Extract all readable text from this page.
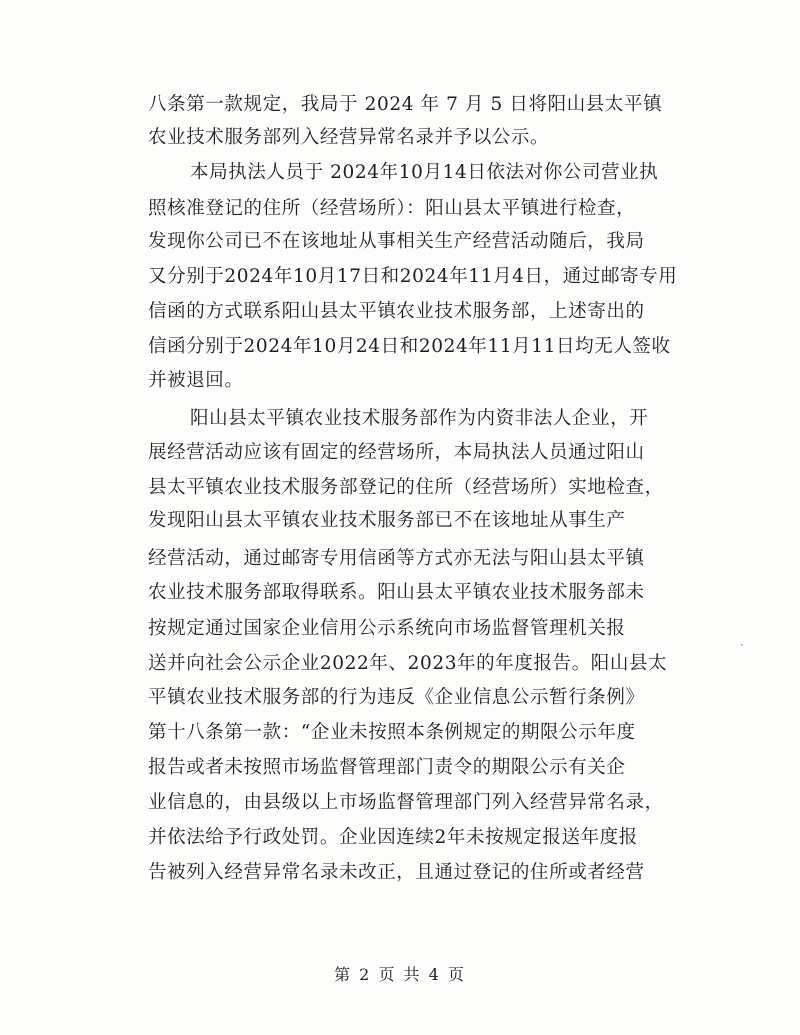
八条第一款规定，我局于 2024 年 7 月 5 日将阳山县太平镇
农业技术服务部列入经营异常名录并予以公示。
本局执法人员于 2024年10月14日依法对你公司营业执
照核准登记的住所（经营场所）：阳山县太平镇进行检查，
发现你公司已不在该地址从事相关生产经营活动随后，我局
又分别于2024年10月17日和2024年11月4日，通过邮寄专用
信函的方式联系阳山县太平镇农业技术服务部，上述寄出的
信函分别于2024年10月24日和2024年11月11日均无人签收
并被退回。
阳山县太平镇农业技术服务部作为内资非法人企业，开
展经营活动应该有固定的经营场所，本局执法人员通过阳山
县太平镇农业技术服务部登记的住所（经营场所）实地检查，
发现阳山县太平镇农业技术服务部已不在该地址从事生产
经营活动，通过邮寄专用信函等方式亦无法与阳山县太平镇
农业技术服务部取得联系。阳山县太平镇农业技术服务部未
按规定通过国家企业信用公示系统向市场监督管理机关报
送并向社会公示企业2022年、2023年的年度报告。阳山县太
平镇农业技术服务部的行为违反《企业信息公示暂行条例》
第十八条第一款：“企业未按照本条例规定的期限公示年度
报告或者未按照市场监督管理部门责令的期限公示有关企
业信息的，由县级以上市场监督管理部门列入经营异常名录，
并依法给予行政处罚。企业因连续2年未按规定报送年度报
告被列入经营异常名录未改正，且通过登记的住所或者经营
第 2 页 共 4 页
